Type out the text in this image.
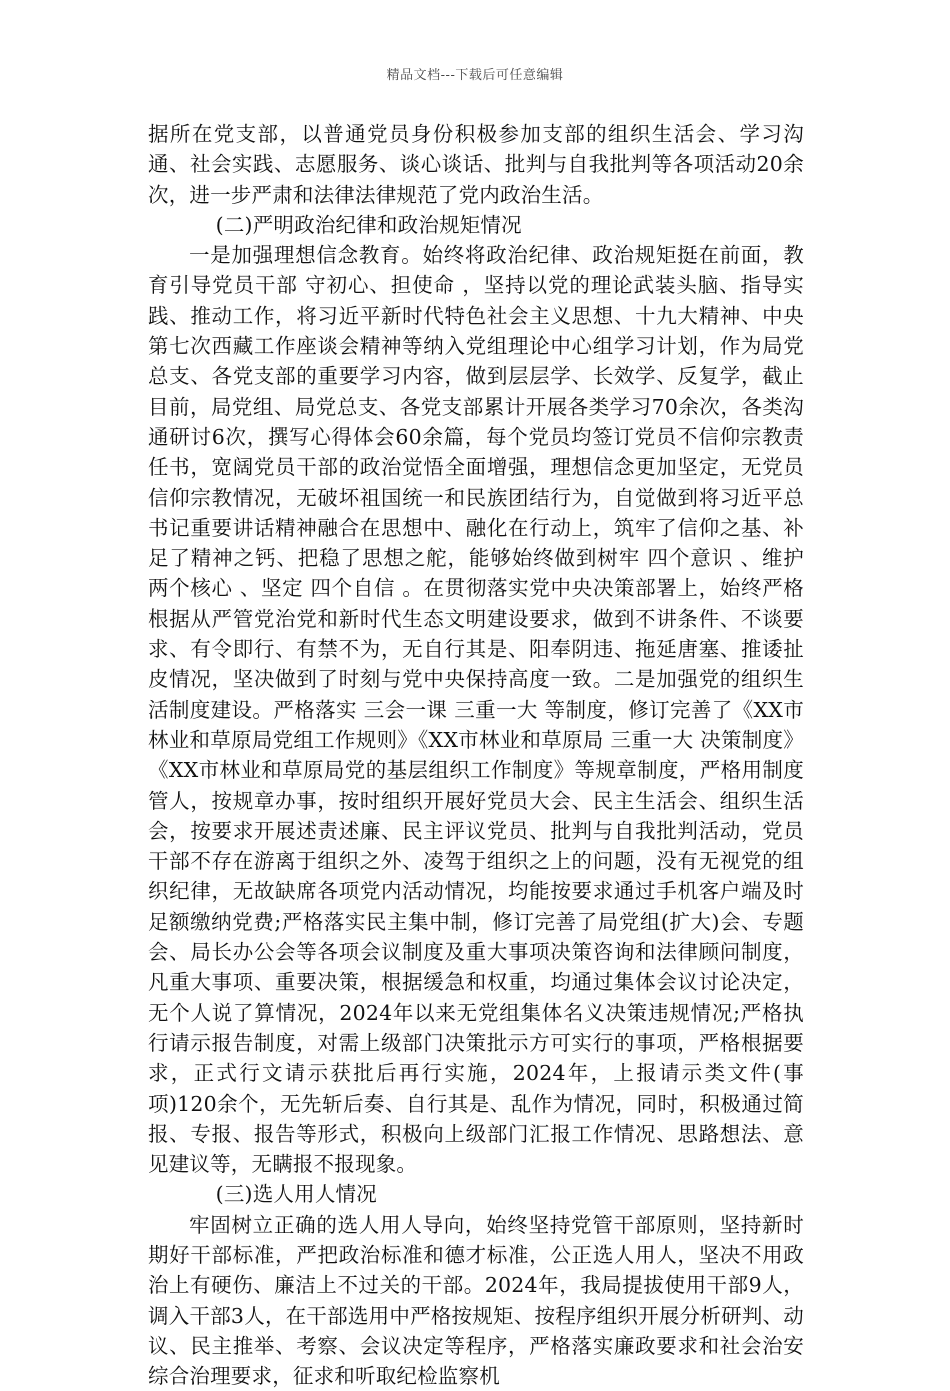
精品文档---下载后可任意编辑

据所在党支部，以普通党员身份积极参加支部的组织生活会、学习沟通、社会实践、志愿服务、谈心谈话、批判与自我批判等各项活动20余次，进一步严肃和法律法律规范了党内政治生活。

(二)严明政治纪律和政治规矩情况

一是加强理想信念教育。始终将政治纪律、政治规矩挺在前面，教育引导党员干部 守初心、担使命 ，坚持以党的理论武装头脑、指导实践、推动工作，将习近平新时代特色社会主义思想、十九大精神、中央第七次西藏工作座谈会精神等纳入党组理论中心组学习计划，作为局党总支、各党支部的重要学习内容，做到层层学、长效学、反复学，截止目前，局党组、局党总支、各党支部累计开展各类学习70余次，各类沟通研讨6次，撰写心得体会60余篇，每个党员均签订党员不信仰宗教责任书，宽阔党员干部的政治觉悟全面增强，理想信念更加坚定，无党员信仰宗教情况，无破坏祖国统一和民族团结行为，自觉做到将习近平总书记重要讲话精神融合在思想中、融化在行动上，筑牢了信仰之基、补足了精神之钙、把稳了思想之舵，能够始终做到树牢 四个意识 、维护 两个核心 、坚定 四个自信 。在贯彻落实党中央决策部署上，始终严格根据从严管党治党和新时代生态文明建设要求，做到不讲条件、不谈要求、有令即行、有禁不为，无自行其是、阳奉阴违、拖延唐塞、推诿扯皮情况，坚决做到了时刻与党中央保持高度一致。二是加强党的组织生活制度建设。严格落实 三会一课 三重一大 等制度，修订完善了《XX市林业和草原局党组工作规则》《XX市林业和草原局 三重一大 决策制度》《XX市林业和草原局党的基层组织工作制度》等规章制度，严格用制度管人，按规章办事，按时组织开展好党员大会、民主生活会、组织生活会，按要求开展述责述廉、民主评议党员、批判与自我批判活动，党员干部不存在游离于组织之外、凌驾于组织之上的问题，没有无视党的组织纪律，无故缺席各项党内活动情况，均能按要求通过手机客户端及时足额缴纳党费;严格落实民主集中制，修订完善了局党组(扩大)会、专题会、局长办公会等各项会议制度及重大事项决策咨询和法律顾问制度，凡重大事项、重要决策，根据缓急和权重，均通过集体会议讨论决定，无个人说了算情况，2024年以来无党组集体名义决策违规情况;严格执行请示报告制度，对需上级部门决策批示方可实行的事项，严格根据要求，正式行文请示获批后再行实施，2024年，上报请示类文件(事项)120余个，无先斩后奏、自行其是、乱作为情况，同时，积极通过简报、专报、报告等形式，积极向上级部门汇报工作情况、思路想法、意见建议等，无瞒报不报现象。

(三)选人用人情况

牢固树立正确的选人用人导向，始终坚持党管干部原则，坚持新时期好干部标准，严把政治标准和德才标准，公正选人用人，坚决不用政治上有硬伤、廉洁上不过关的干部。2024年，我局提拔使用干部9人，调入干部3人，在干部选用中严格按规矩、按程序组织开展分析研判、动议、民主推举、考察、会议决定等程序，严格落实廉政要求和社会治安综合治理要求，征求和听取纪检监察机
